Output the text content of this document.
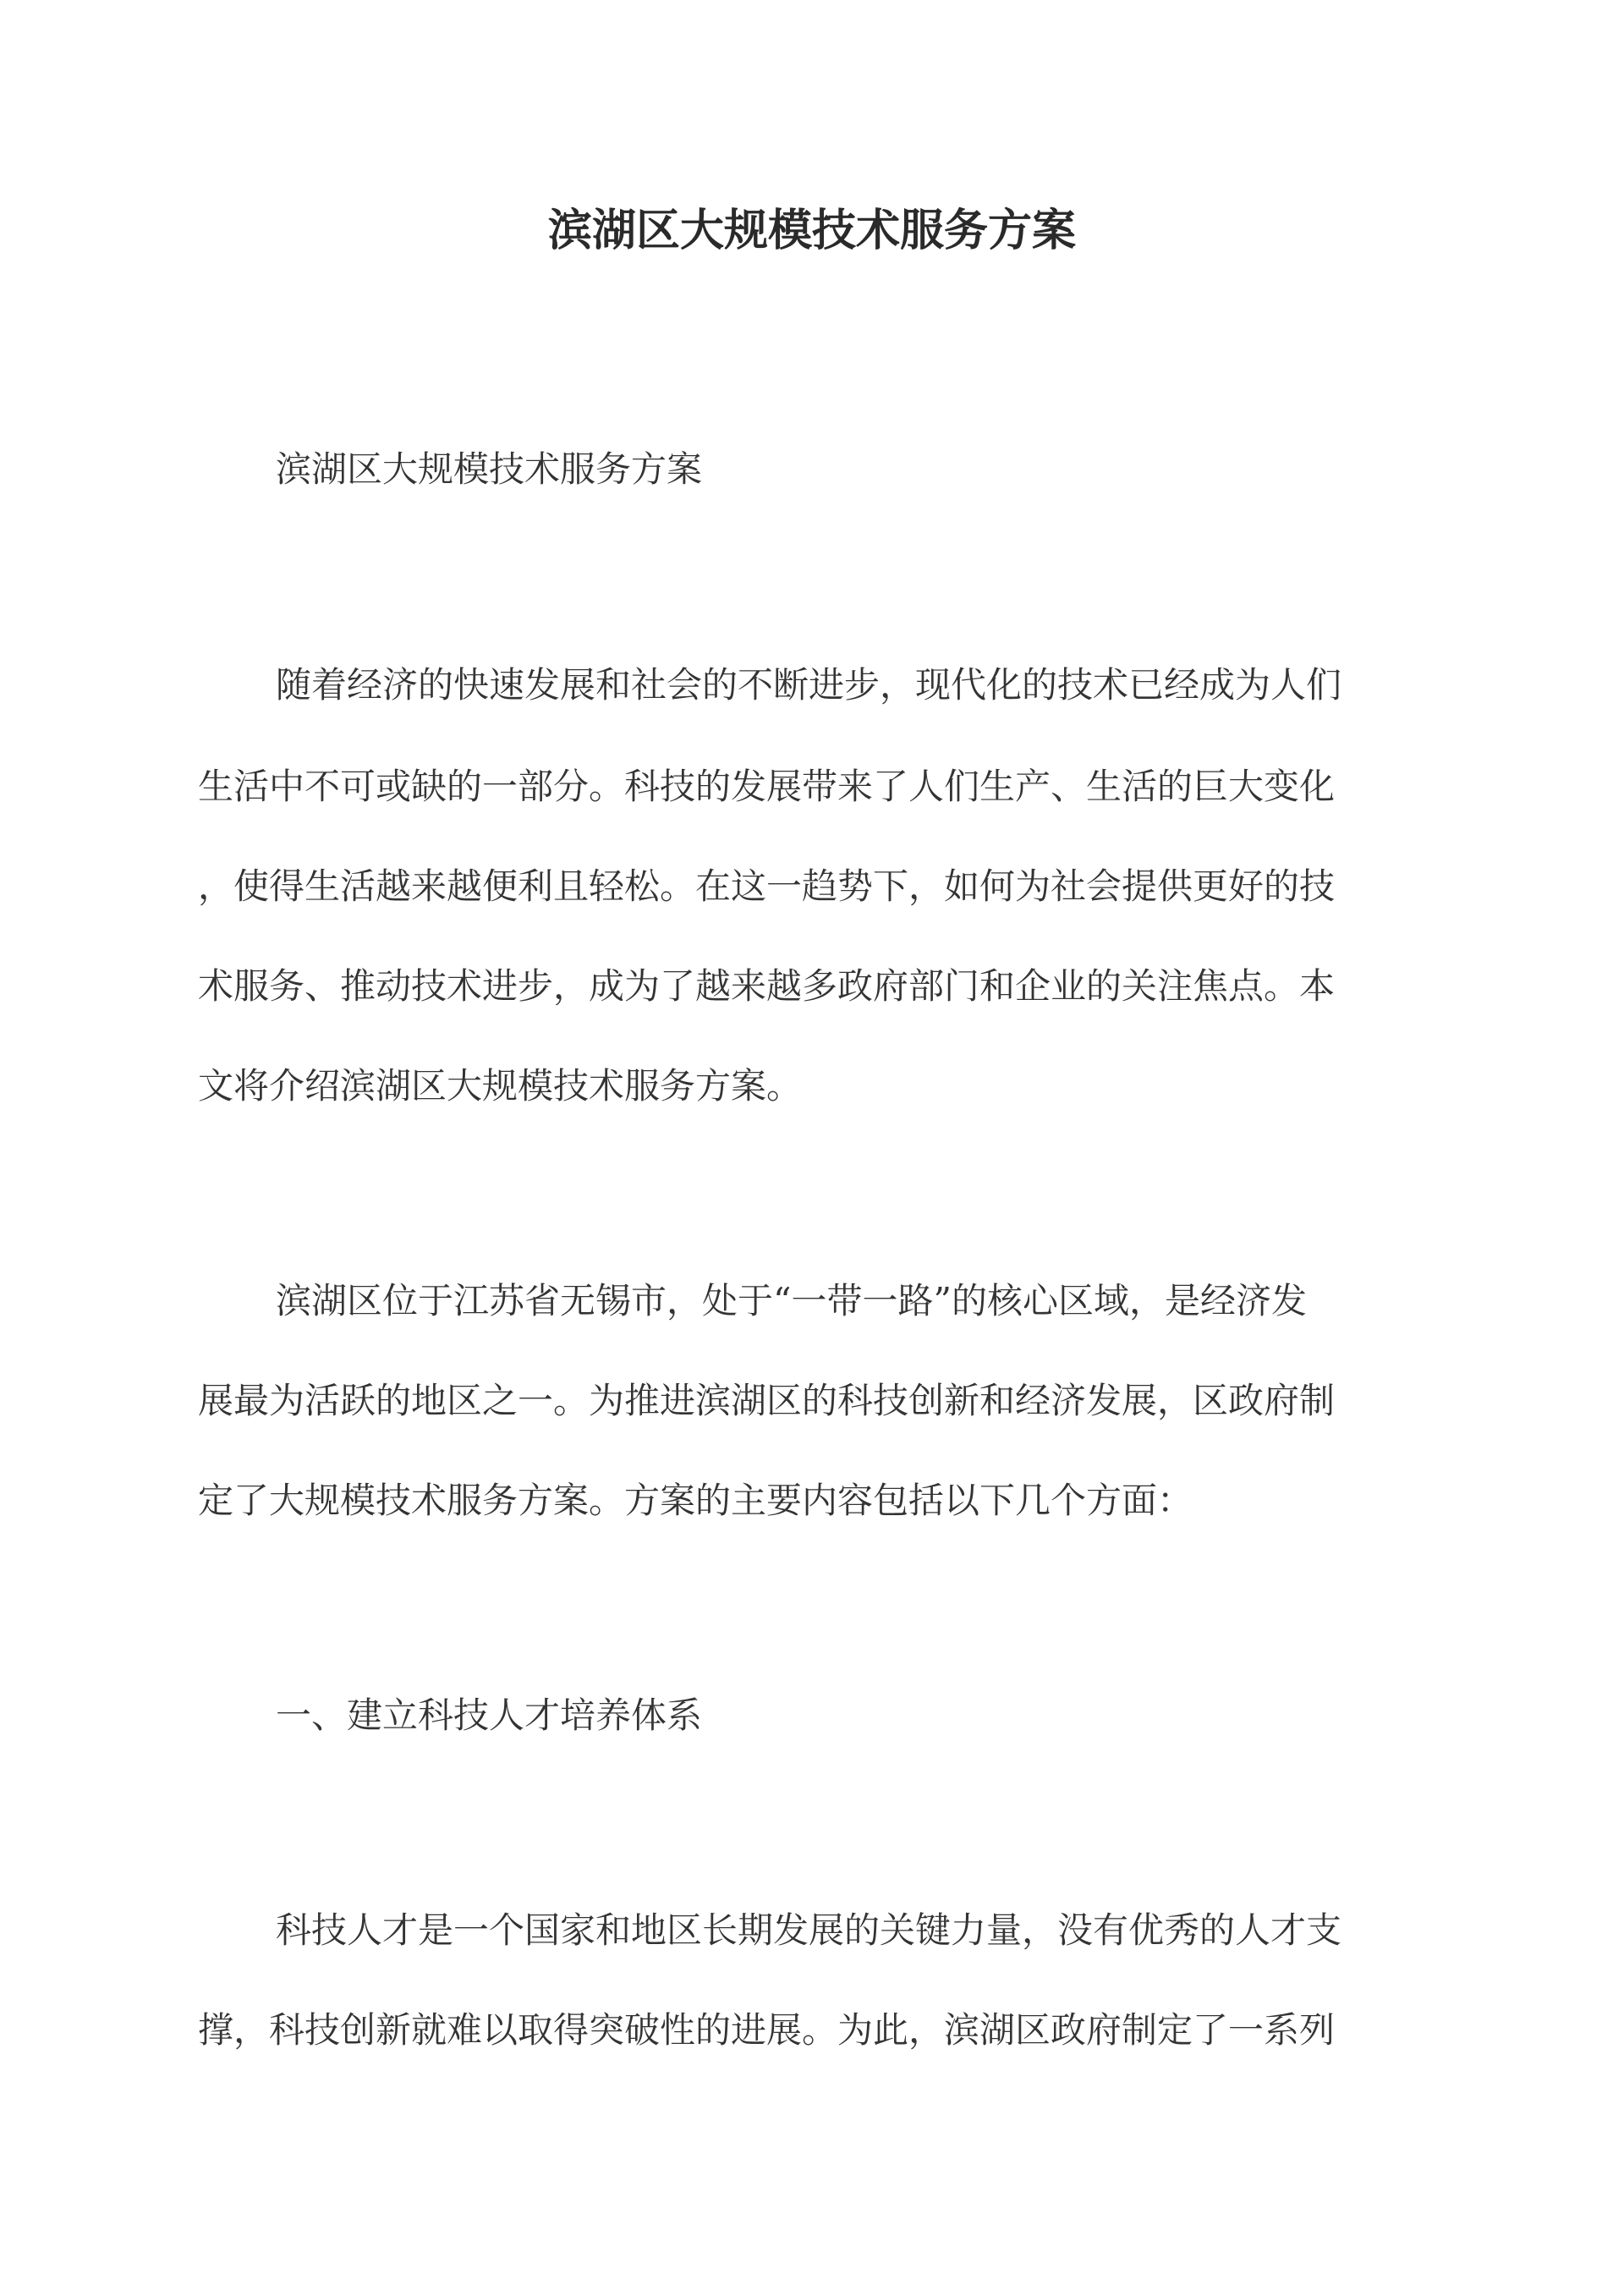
滨湖区大规模技术服务方案
滨湖区大规模技术服务方案
随着经济的快速发展和社会的不断进步，现代化的技术已经成为人们
生活中不可或缺的一部分。科技的发展带来了人们生产、生活的巨大变化
，使得生活越来越便利且轻松。在这一趋势下，如何为社会提供更好的技
术服务、推动技术进步，成为了越来越多政府部门和企业的关注焦点。本
文将介绍滨湖区大规模技术服务方案。
滨湖区位于江苏省无锡市，处于“一带一路”的核心区域，是经济发
展最为活跃的地区之一。为推进滨湖区的科技创新和经济发展，区政府制
定了大规模技术服务方案。方案的主要内容包括以下几个方面：
一、建立科技人才培养体系
科技人才是一个国家和地区长期发展的关键力量，没有优秀的人才支
撑，科技创新就难以取得突破性的进展。为此，滨湖区政府制定了一系列
